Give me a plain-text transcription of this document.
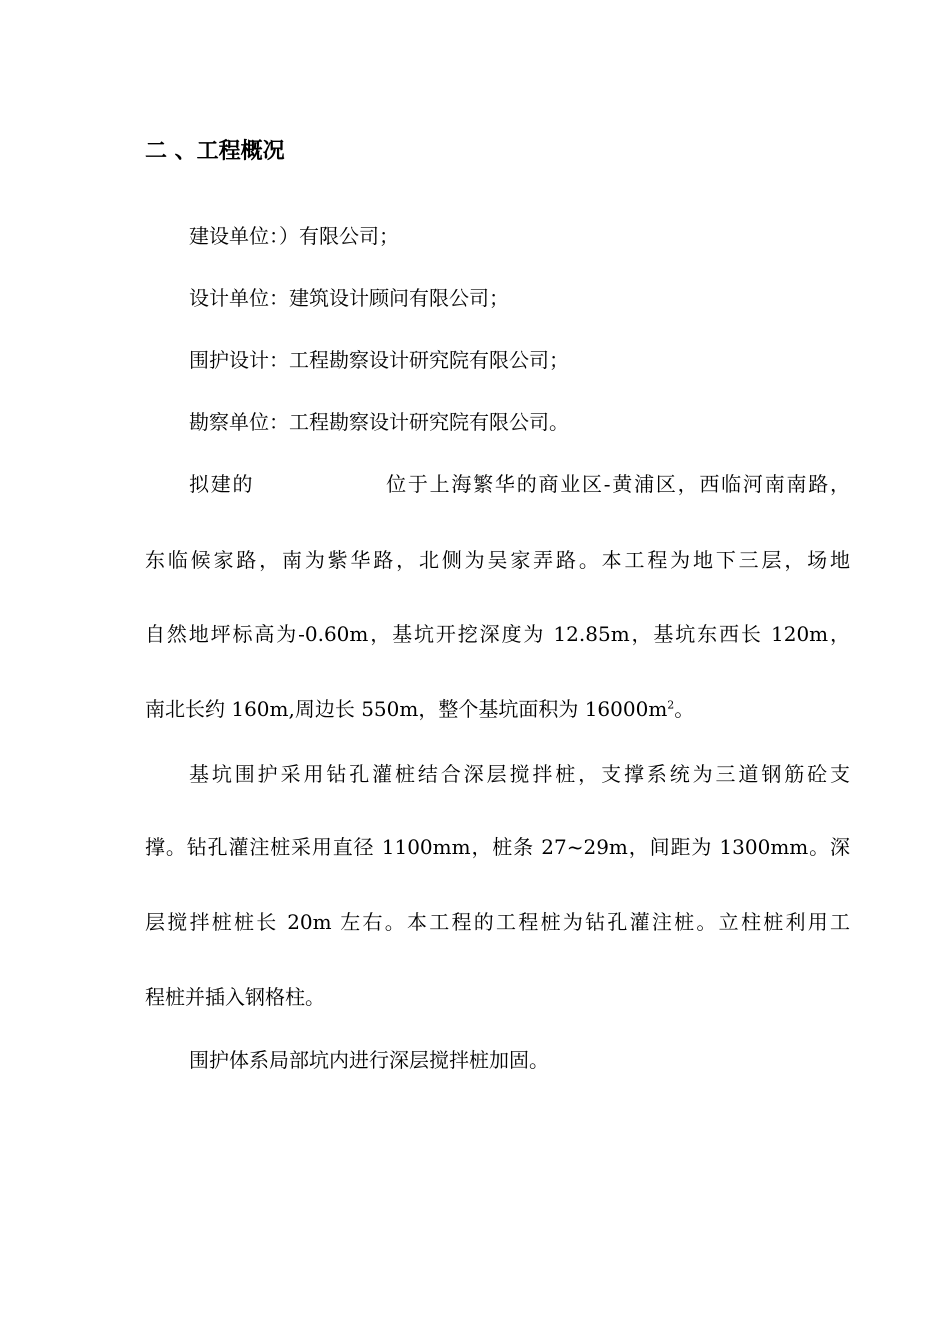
二 、工程概况
建设单位：）有限公司；
设计单位：建筑设计顾问有限公司；
围护设计：工程勘察设计研究院有限公司；
勘察单位：工程勘察设计研究院有限公司。
拟建的	位于上海繁华的商业区-黄浦区，西临河南南路，
东临候家路，南为紫华路，北侧为吴家弄路。本工程为地下三层，场地
自然地坪标高为-0.60m，基坑开挖深度为 12.85m，基坑东西长 120m，
南北长约 160m,周边长 550m，整个基坑面积为 $16000m^2$。
基坑围护采用钻孔灌桩结合深层搅拌桩，支撑系统为三道钢筋砼支
撑。钻孔灌注桩采用直径 1100mm，桩条 27~29m，间距为 1300mm。深
层搅拌桩桩长 20m 左右。本工程的工程桩为钻孔灌注桩。立柱桩利用工
程桩并插入钢格柱。
围护体系局部坑内进行深层搅拌桩加固。
